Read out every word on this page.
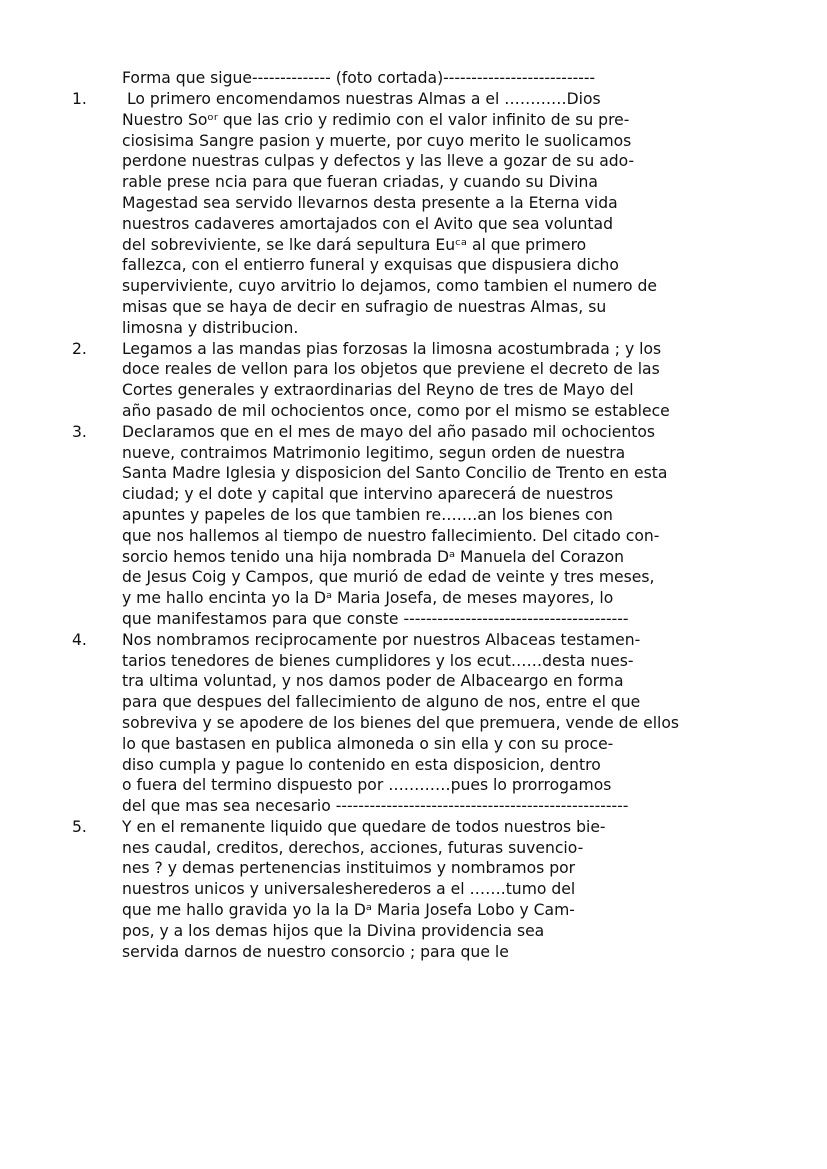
Forma que sigue-------------- (foto cortada)---------------------------
1. Lo primero encomendamos nuestras Almas a el …………Dios
Nuestro Soᵒʳ que las crio y redimio con el valor infinito de su pre-
ciosisima Sangre pasion y muerte, por cuyo merito le suolicamos
perdone nuestras culpas y defectos y las lleve a gozar de su ado-
rable prese ncia para que fueran criadas, y cuando su Divina
Magestad sea servido llevarnos desta presente a la Eterna vida
nuestros cadaveres amortajados con el Avito que sea voluntad
del sobreviviente, se lke dará sepultura Euᶜᵃ al que primero
fallezca, con el entierro funeral y exquisas que dispusiera dicho
superviviente, cuyo arvitrio lo dejamos, como tambien el numero de
misas que se haya de decir en sufragio de nuestras Almas, su
limosna y distribucion.
2. Legamos a las mandas pias forzosas la limosna acostumbrada ; y los
doce reales de vellon para los objetos que previene el decreto de las
Cortes generales y extraordinarias del Reyno de tres de Mayo del
año pasado de mil ochocientos once, como por el mismo se establece
3. Declaramos que en el mes de mayo del año pasado mil ochocientos
nueve, contraimos Matrimonio legitimo, segun orden de nuestra
Santa Madre Iglesia y disposicion del Santo Concilio de Trento en esta
ciudad; y el dote y capital que intervino aparecerá de nuestros
apuntes y papeles de los que tambien re…….an los bienes con
que nos hallemos al tiempo de nuestro fallecimiento. Del citado con-
sorcio hemos tenido una hija nombrada Dᵃ Manuela del Corazon
de Jesus Coig y Campos, que murió de edad de veinte y tres meses,
y me hallo encinta yo la Dᵃ Maria Josefa, de meses mayores, lo
que manifestamos para que conste ----------------------------------------
4. Nos nombramos reciprocamente por nuestros Albaceas testamen-
tarios tenedores de bienes cumplidores y los ecut……desta nues-
tra ultima voluntad, y nos damos poder de Albaceargo en forma
para que despues del fallecimiento de alguno de nos, entre el que
sobreviva y se apodere de los bienes del que premuera, vende de ellos
lo que bastasen en publica almoneda o sin ella y con su proce-
diso cumpla y pague lo contenido en esta disposicion, dentro
o fuera del termino dispuesto por …………pues lo prorrogamos
del que mas sea necesario ----------------------------------------------------
5. Y en el remanente liquido que quedare de todos nuestros bie-
nes caudal, creditos, derechos, acciones, futuras suvencio-
nes ? y demas pertenencias instituimos y nombramos por
nuestros unicos y universalesherederos a el …….tumo del
que me hallo gravida yo la la Dᵃ Maria Josefa Lobo y Cam-
pos, y a los demas hijos que la Divina providencia sea
servida darnos de nuestro consorcio ; para que le
